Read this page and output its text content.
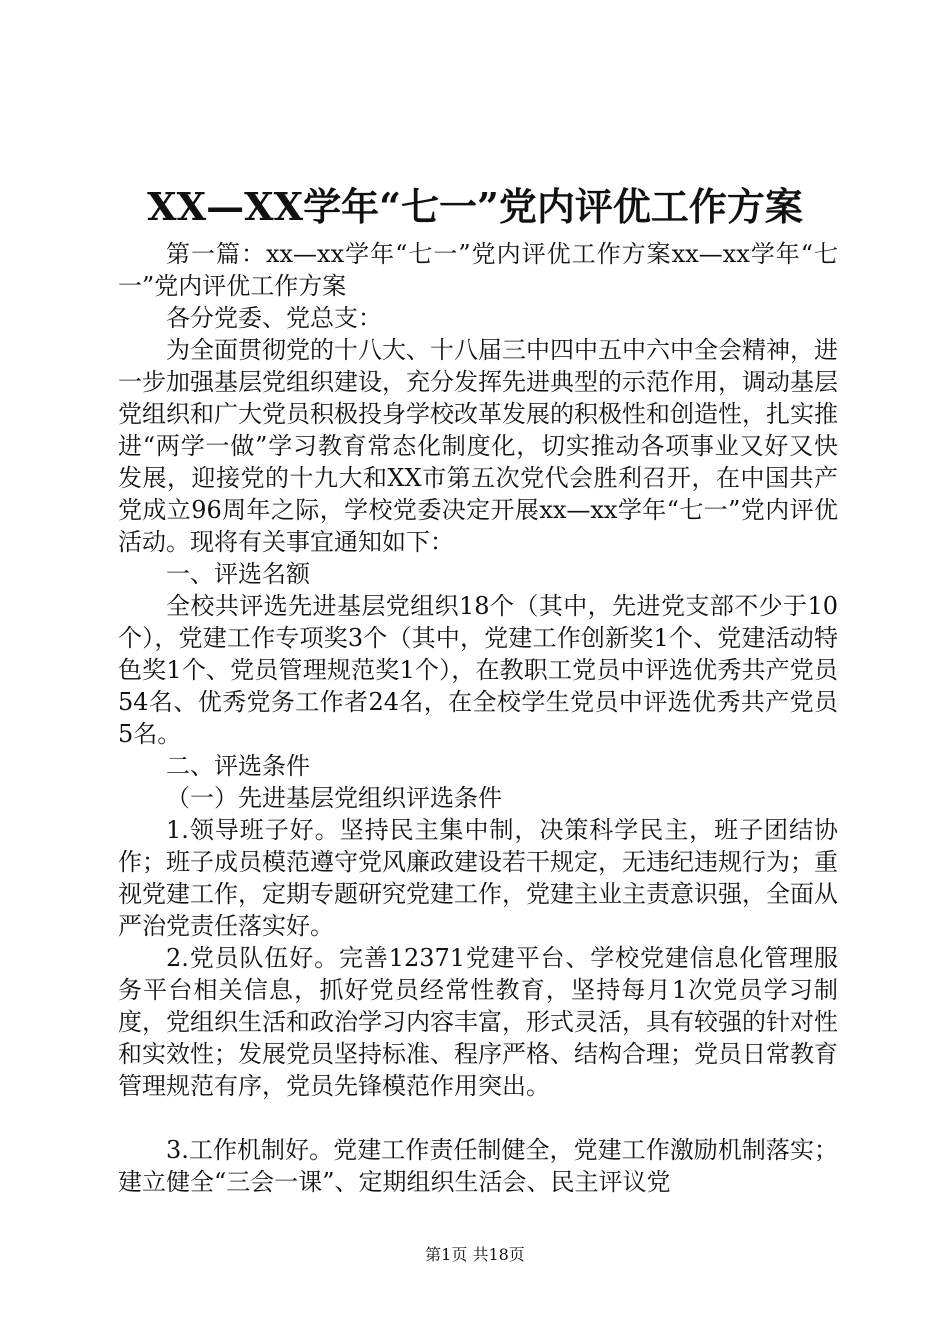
XX—XX学年“七一”党内评优工作方案

第一篇：xx—xx学年“七一”党内评优工作方案xx—xx学年“七一”党内评优工作方案

各分党委、党总支：

为全面贯彻党的十八大、十八届三中四中五中六中全会精神，进一步加强基层党组织建设，充分发挥先进典型的示范作用，调动基层党组织和广大党员积极投身学校改革发展的积极性和创造性，扎实推进“两学一做”学习教育常态化制度化，切实推动各项事业又好又快发展，迎接党的十九大和XX市第五次党代会胜利召开，在中国共产党成立96周年之际，学校党委决定开展xx—xx学年“七一”党内评优活动。现将有关事宜通知如下：

一、评选名额

全校共评选先进基层党组织18个（其中，先进党支部不少于10个），党建工作专项奖3个（其中，党建工作创新奖1个、党建活动特色奖1个、党员管理规范奖1个），在教职工党员中评选优秀共产党员54名、优秀党务工作者24名，在全校学生党员中评选优秀共产党员5名。

二、评选条件

（一）先进基层党组织评选条件

1.领导班子好。坚持民主集中制，决策科学民主，班子团结协作；班子成员模范遵守党风廉政建设若干规定，无违纪违规行为；重视党建工作，定期专题研究党建工作，党建主业主责意识强，全面从严治党责任落实好。

2.党员队伍好。完善12371党建平台、学校党建信息化管理服务平台相关信息，抓好党员经常性教育，坚持每月1次党员学习制度，党组织生活和政治学习内容丰富，形式灵活，具有较强的针对性和实效性；发展党员坚持标准、程序严格、结构合理；党员日常教育管理规范有序，党员先锋模范作用突出。

3.工作机制好。党建工作责任制健全，党建工作激励机制落实；建立健全“三会一课”、定期组织生活会、民主评议党

第1页 共18页
